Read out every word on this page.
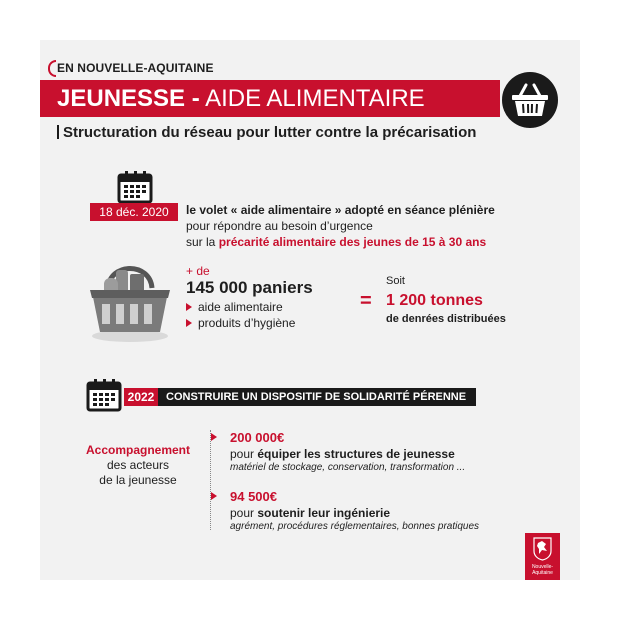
EN NOUVELLE-AQUITAINE
JEUNESSE - AIDE ALIMENTAIRE
Structuration du réseau pour lutter contre la précarisation
18 déc. 2020	le volet « aide alimentaire » adopté en séance plénière
pour répondre au besoin d’urgence
sur la précarité alimentaire des jeunes de 15 à 30 ans
+ de
145 000 paniers
aide alimentaire
produits d’hygiène
Soit
= 1 200 tonnes
de denrées distribuées
2022	CONSTRUIRE UN DISPOSITIF DE SOLIDARITÉ PÉRENNE
Accompagnement
des acteurs
de la jeunesse
200 000€
pour équiper les structures de jeunesse
matériel de stockage, conservation, transformation ...
94 500€
pour soutenir leur ingénierie
agrément, procédures réglementaires, bonnes pratiques
Nouvelle-
Aquitaine
